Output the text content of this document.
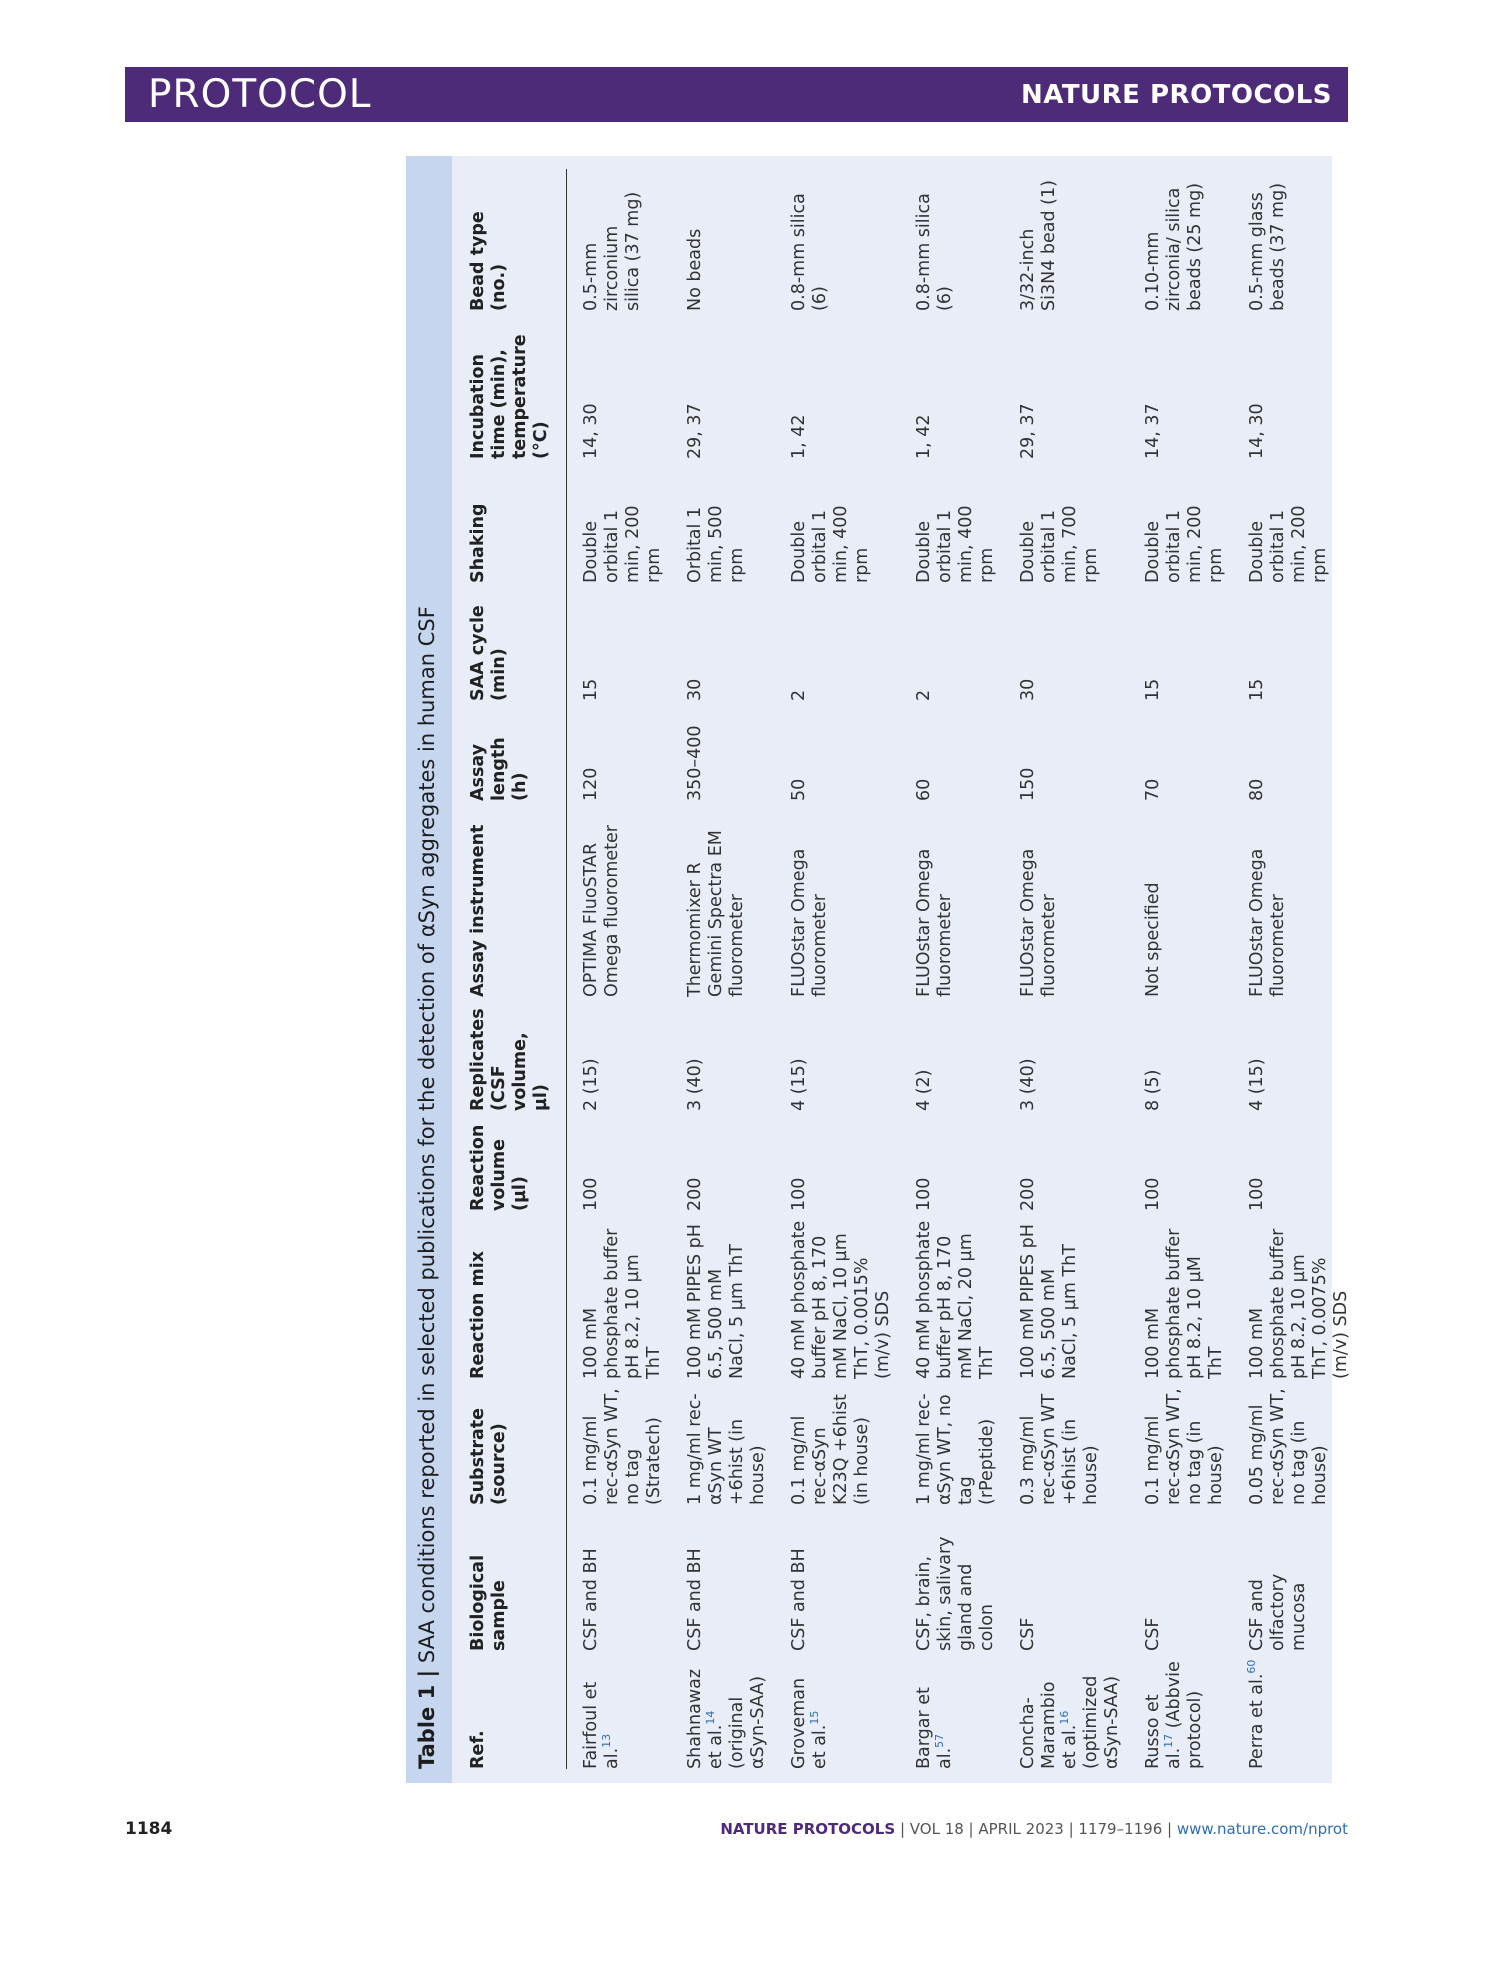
PROTOCOL	NATURE PROTOCOLS
Table 1 | SAA conditions reported in selected publications for the detection of αSyn aggregates in human CSF
Ref.	Biological sample	Substrate (source)	Reaction mix	Reaction volume (µl)	Replicates (CSF volume, µl)	Assay instrument	Assay length (h)	SAA cycle (min)	Shaking	Incubation time (min), temperature (°C)	Bead type (no.)
Fairfoul et al.$^{13}$	CSF and BH	0.1 mg/ml rec-αSyn WT, no tag (Stratech)	100 mM phosphate buffer pH 8.2, 10 µm ThT	100	2 (15)	OPTIMA FluoSTAR Omega fluorometer	120	15	Double orbital 1 min, 200 rpm	14, 30	0.5-mm zirconium silica (37 mg)
Shahnawaz et al.$^{14}$ (original αSyn-SAA)	CSF and BH	1 mg/ml rec-αSyn WT +6hist (in house)	100 mM PIPES pH 6.5, 500 mM NaCl, 5 µm ThT	200	3 (40)	Thermomixer R Gemini Spectra EM fluorometer	350–400	30	Orbital 1 min, 500 rpm	29, 37	No beads
Groveman et al.$^{15}$	CSF and BH	0.1 mg/ml rec-αSyn K23Q +6hist (in house)	40 mM phosphate buffer pH 8, 170 mM NaCl, 10 µm ThT, 0.0015% (m/v) SDS	100	4 (15)	FLUOstar Omega fluorometer	50	2	Double orbital 1 min, 400 rpm	1, 42	0.8-mm silica (6)
Bargar et al.$^{57}$	CSF, brain, skin, salivary gland and colon	1 mg/ml rec-αSyn WT, no tag (rPeptide)	40 mM phosphate buffer pH 8, 170 mM NaCl, 20 µm ThT	100	4 (2)	FLUOstar Omega fluorometer	60	2	Double orbital 1 min, 400 rpm	1, 42	0.8-mm silica (6)
Concha-Marambio et al.$^{16}$ (optimized αSyn-SAA)	CSF	0.3 mg/ml rec-αSyn WT +6hist (in house)	100 mM PIPES pH 6.5, 500 mM NaCl, 5 µm ThT	200	3 (40)	FLUOstar Omega fluorometer	150	30	Double orbital 1 min, 700 rpm	29, 37	3/32-inch Si3N4 bead (1)
Russo et al.$^{17}$ (Abbvie protocol)	CSF	0.1 mg/ml rec-αSyn WT, no tag (in house)	100 mM phosphate buffer pH 8.2, 10 µM ThT	100	8 (5)	Not specified	70	15	Double orbital 1 min, 200 rpm	14, 37	0.10-mm zirconia/ silica beads (25 mg)
Perra et al.$^{60}$	CSF and olfactory mucosa	0.05 mg/ml rec-αSyn WT, no tag (in house)	100 mM phosphate buffer pH 8.2, 10 µm ThT, 0.0075% (m/v) SDS	100	4 (15)	FLUOstar Omega fluorometer	80	15	Double orbital 1 min, 200 rpm	14, 30	0.5-mm glass beads (37 mg)
1184	NATURE PROTOCOLS | VOL 18 | APRIL 2023 | 1179–1196 | www.nature.com/nprot
